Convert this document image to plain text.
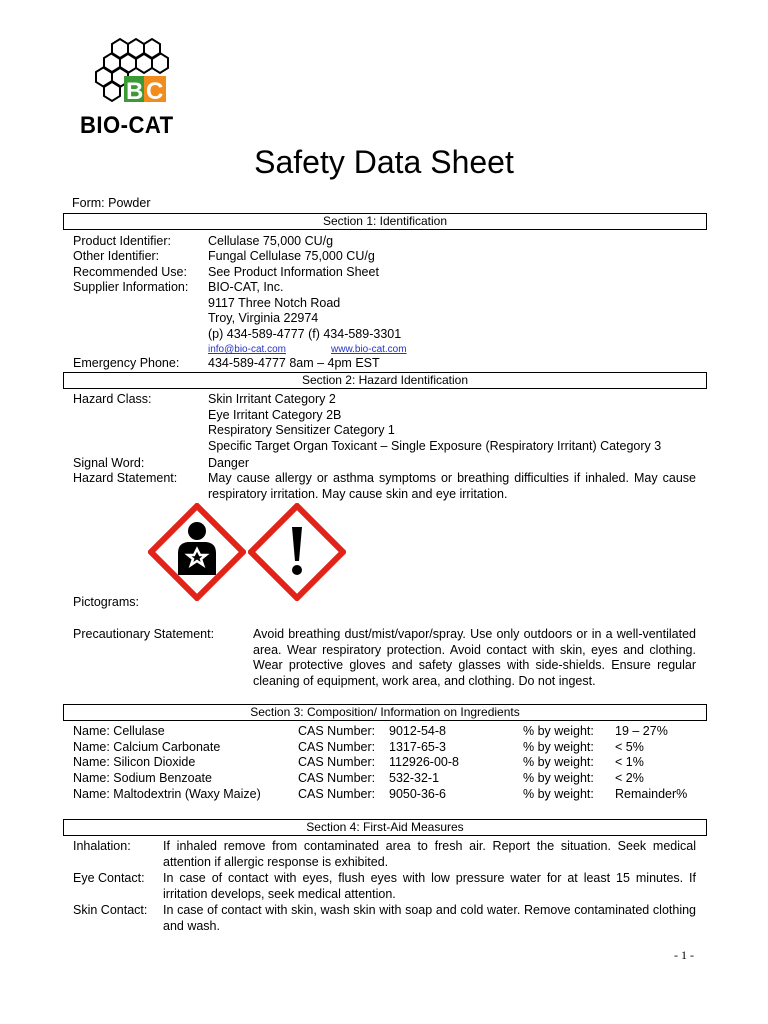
B C
BIO-CAT
Safety Data Sheet
Form: Powder
Section 1: Identification
Product Identifier:	Cellulase 75,000 CU/g
Other Identifier:	Fungal Cellulase 75,000 CU/g
Recommended Use: See Product Information Sheet
Supplier Information: BIO-CAT, Inc.
9117 Three Notch Road
Troy, Virginia 22974
(p) 434-589-4777 (f) 434-589-3301
info@bio-cat.com	www.bio-cat.com
Emergency Phone: 434-589-4777 8am – 4pm EST
Section 2: Hazard Identification
Hazard Class:	Skin Irritant Category 2
Eye Irritant Category 2B
Respiratory Sensitizer Category 1
Specific Target Organ Toxicant – Single Exposure (Respiratory Irritant) Category 3
Signal Word:	Danger
Hazard Statement: May cause allergy or asthma symptoms or breathing difficulties if inhaled. May cause respiratory irritation. May cause skin and eye irritation.
Pictograms:
Precautionary Statement:	Avoid breathing dust/mist/vapor/spray. Use only outdoors or in a well-ventilated area. Wear respiratory protection. Avoid contact with skin, eyes and clothing. Wear protective gloves and safety glasses with side-shields. Ensure regular cleaning of equipment, work area, and clothing. Do not ingest.
Section 3: Composition/ Information on Ingredients
Name: Cellulase	CAS Number: 9012-54-8	% by weight: 19 – 27%
Name: Calcium Carbonate	CAS Number: 1317-65-3	% by weight: < 5%
Name: Silicon Dioxide	CAS Number: 112926-00-8	% by weight: < 1%
Name: Sodium Benzoate	CAS Number: 532-32-1	% by weight: < 2%
Name: Maltodextrin (Waxy Maize)	CAS Number: 9050-36-6	% by weight: Remainder%
Section 4: First-Aid Measures
Inhalation:	If inhaled remove from contaminated area to fresh air. Report the situation. Seek medical attention if allergic response is exhibited.
Eye Contact: In case of contact with eyes, flush eyes with low pressure water for at least 15 minutes. If irritation develops, seek medical attention.
Skin Contact: In case of contact with skin, wash skin with soap and cold water. Remove contaminated clothing and wash.
- 1 -
